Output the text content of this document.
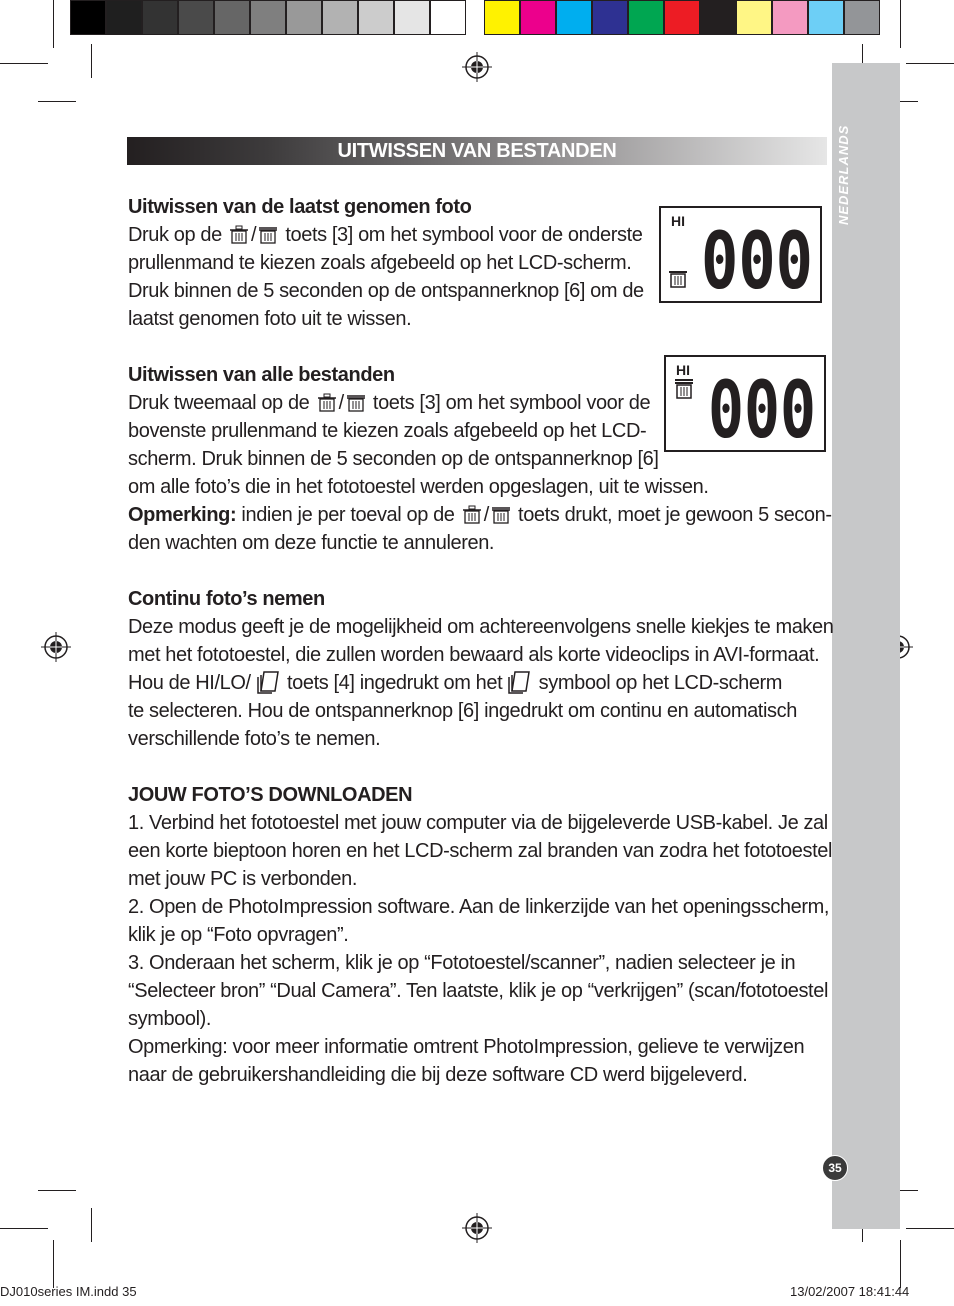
NEDERLANDS
35
UITWISSEN VAN BESTANDEN
Uitwissen van de laatst genomen foto
Druk op de / toets [3] om het symbool voor de onderste
prullenmand te kiezen zoals afgebeeld op het LCD-scherm.
Druk binnen de 5 seconden op de ontspannerknop [6] om de
laatst genomen foto uit te wissen.
HI 000
Uitwissen van alle bestanden
Druk tweemaal op de / toets [3] om het symbool voor de
bovenste prullenmand te kiezen zoals afgebeeld op het LCD-
scherm. Druk binnen de 5 seconden op de ontspannerknop [6]
om alle foto’s die in het fototoestel werden opgeslagen, uit te wissen.
Opmerking: indien je per toeval op de / toets drukt, moet je gewoon 5 secon-
den wachten om deze functie te annuleren.
HI 000
Continu foto’s nemen
Deze modus geeft je de mogelijkheid om achtereenvolgens snelle kiekjes te maken
met het fototoestel, die zullen worden bewaard als korte videoclips in AVI-formaat.
Hou de HI/LO/ toets [4] ingedrukt om het symbool op het LCD-scherm
te selecteren. Hou de ontspannerknop [6] ingedrukt om continu en automatisch
verschillende foto’s te nemen.
JOUW FOTO’S DOWNLOADEN
1. Verbind het fototoestel met jouw computer via de bijgeleverde USB-kabel. Je zal
een korte bieptoon horen en het LCD-scherm zal branden van zodra het fototoestel
met jouw PC is verbonden.
2. Open de PhotoImpression software. Aan de linkerzijde van het openingsscherm,
klik je op “Foto opvragen”.
3. Onderaan het scherm, klik je op “Fototoestel/scanner”, nadien selecteer je in
“Selecteer bron” “Dual Camera”. Ten laatste, klik je op “verkrijgen” (scan/fototoestel
symbool).
Opmerking: voor meer informatie omtrent PhotoImpression, gelieve te verwijzen
naar de gebruikershandleiding die bij deze software CD werd bijgeleverd.
DJ010series IM.indd 35	13/02/2007 18:41:44
